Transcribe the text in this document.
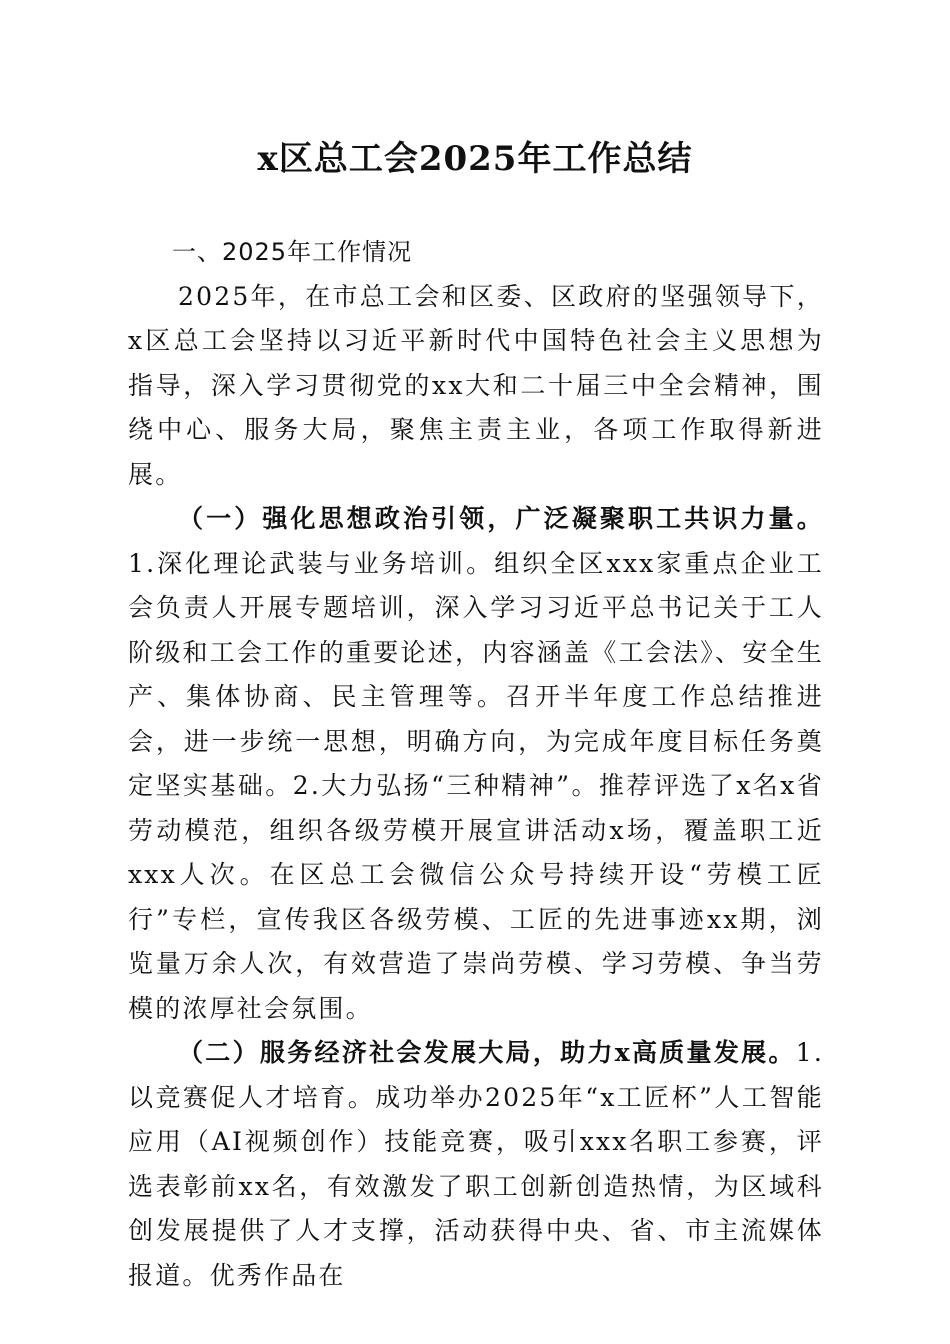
x区总工会2025年工作总结
一、2025年工作情况

2025年，在市总工会和区委、区政府的坚强领导下，x区总工会坚持以习近平新时代中国特色社会主义思想为指导，深入学习贯彻党的xx大和二十届三中全会精神，围绕中心、服务大局，聚焦主责主业，各项工作取得新进展。

（一）强化思想政治引领，广泛凝聚职工共识力量。1.深化理论武装与业务培训。组织全区xxx家重点企业工会负责人开展专题培训，深入学习习近平总书记关于工人阶级和工会工作的重要论述，内容涵盖《工会法》、安全生产、集体协商、民主管理等。召开半年度工作总结推进会，进一步统一思想，明确方向，为完成年度目标任务奠定坚实基础。2.大力弘扬“三种精神”。推荐评选了x名x省劳动模范，组织各级劳模开展宣讲活动x场，覆盖职工近xxx人次。在区总工会微信公众号持续开设“劳模工匠行”专栏，宣传我区各级劳模、工匠的先进事迹xx期，浏览量万余人次，有效营造了崇尚劳模、学习劳模、争当劳模的浓厚社会氛围。

（二）服务经济社会发展大局，助力x高质量发展。1.以竞赛促人才培育。成功举办2025年“x工匠杯”人工智能应用（AI视频创作）技能竞赛，吸引xxx名职工参赛，评选表彰前xx名，有效激发了职工创新创造热情，为区域科创发展提供了人才支撑，活动获得中央、省、市主流媒体报道。优秀作品在
